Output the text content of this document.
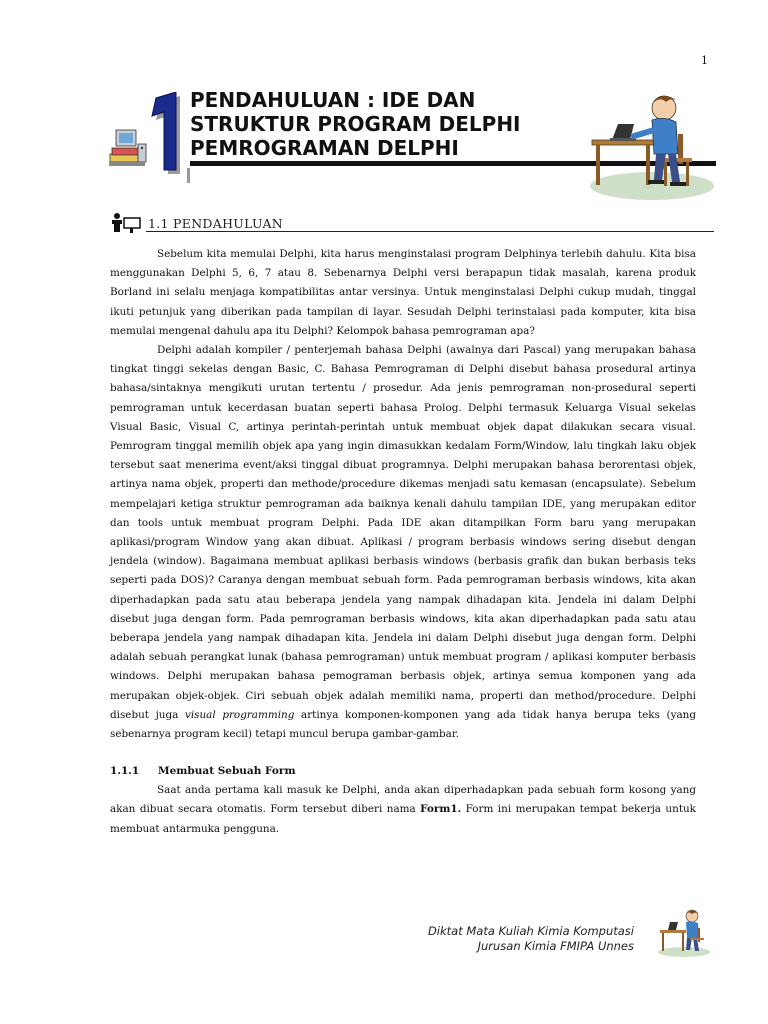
1
1 PENDAHULUAN : IDE DAN
STRUKTUR PROGRAM DELPHI
PEMROGRAMAN DELPHI
1.1 PENDAHULUAN

Sebelum kita memulai Delphi, kita harus menginstalasi program Delphinya terlebih dahulu. Kita bisa menggunakan Delphi 5, 6, 7 atau 8. Sebenarnya Delphi versi berapapun tidak masalah, karena produk Borland ini selalu menjaga kompatibilitas antar versinya. Untuk menginstalasi Delphi cukup mudah, tinggal ikuti petunjuk yang diberikan pada tampilan di layar. Sesudah Delphi terinstalasi pada komputer, kita bisa memulai mengenal dahulu apa itu Delphi? Kelompok bahasa pemrograman apa?

Delphi adalah kompiler / penterjemah bahasa Delphi (awalnya dari Pascal) yang merupakan bahasa tingkat tinggi sekelas dengan Basic, C. Bahasa Pemrograman di Delphi disebut bahasa prosedural artinya bahasa/sintaknya mengikuti urutan tertentu / prosedur. Ada jenis pemrograman non-prosedural seperti pemrograman untuk kecerdasan buatan seperti bahasa Prolog. Delphi termasuk Keluarga Visual sekelas Visual Basic, Visual C, artinya perintah-perintah untuk membuat objek dapat dilakukan secara visual. Pemrogram tinggal memilih objek apa yang ingin dimasukkan kedalam Form/Window, lalu tingkah laku objek tersebut saat menerima event/aksi tinggal dibuat programnya. Delphi merupakan bahasa berorentasi objek, artinya nama objek, properti dan methode/procedure dikemas menjadi satu kemasan (encapsulate). Sebelum mempelajari ketiga struktur pemrograman ada baiknya kenali dahulu tampilan IDE, yang merupakan editor dan tools untuk membuat program Delphi. Pada IDE akan ditampilkan Form baru yang merupakan aplikasi/program Window yang akan dibuat. Aplikasi / program berbasis windows sering disebut dengan jendela (window). Bagaimana membuat aplikasi berbasis windows (berbasis grafik dan bukan berbasis teks seperti pada DOS)? Caranya dengan membuat sebuah form. Pada pemrograman berbasis windows, kita akan diperhadapkan pada satu atau beberapa jendela yang nampak dihadapan kita. Jendela ini dalam Delphi disebut juga dengan form. Pada pemrograman berbasis windows, kita akan diperhadapkan pada satu atau beberapa jendela yang nampak dihadapan kita. Jendela ini dalam Delphi disebut juga dengan form. Delphi adalah sebuah perangkat lunak (bahasa pemrograman) untuk membuat program / aplikasi komputer berbasis windows. Delphi merupakan bahasa pemograman berbasis objek, artinya semua komponen yang ada merupakan objek-objek. Ciri sebuah objek adalah memiliki nama, properti dan method/procedure. Delphi disebut juga visual programming artinya komponen-komponen yang ada tidak hanya berupa teks (yang sebenarnya program kecil) tetapi muncul berupa gambar-gambar.

1.1.1 Membuat Sebuah Form

Saat anda pertama kali masuk ke Delphi, anda akan diperhadapkan pada sebuah form kosong yang akan dibuat secara otomatis. Form tersebut diberi nama Form1. Form ini merupakan tempat bekerja untuk membuat antarmuka pengguna.

Diktat Mata Kuliah Kimia Komputasi
Jurusan Kimia FMIPA Unnes
